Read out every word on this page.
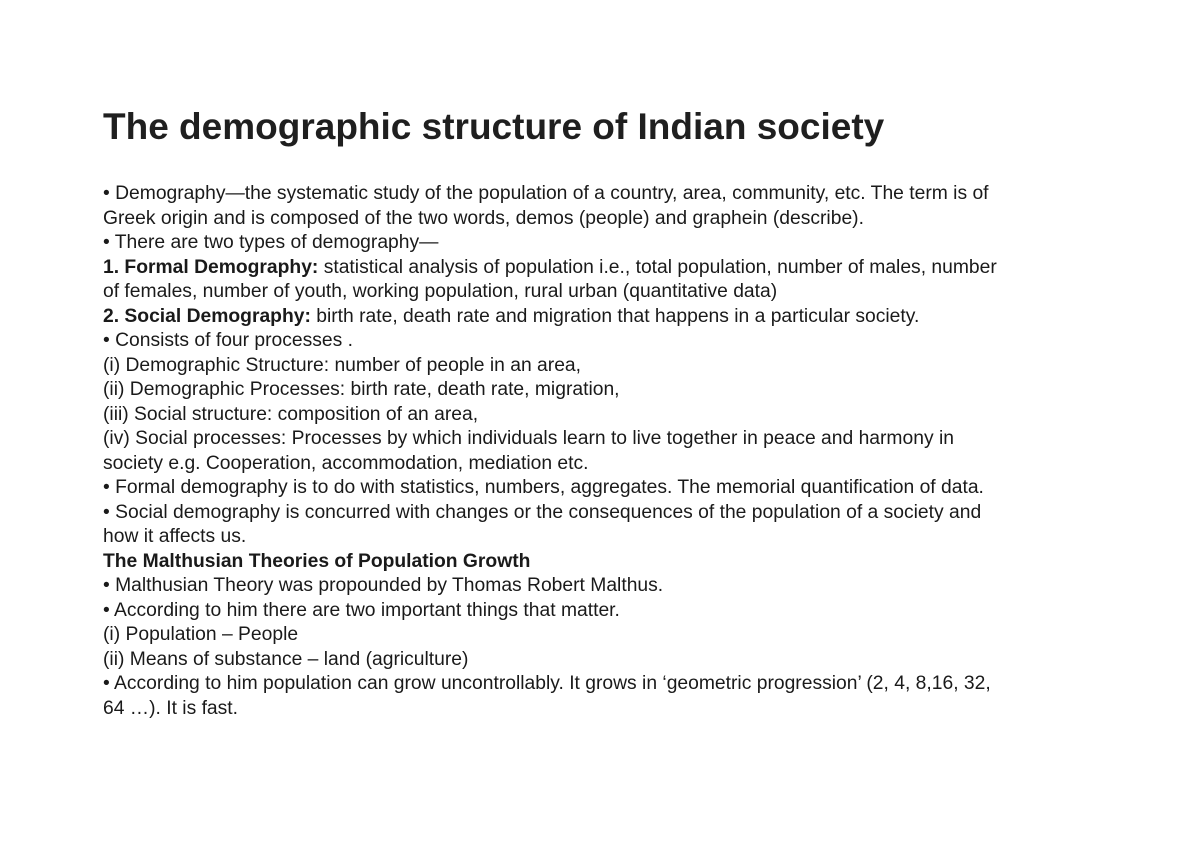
The demographic structure of Indian society
• Demography—the systematic study of the population of a country, area, community, etc. The term is of
Greek origin and is composed of the two words, demos (people) and graphein (describe).
• There are two types of demography—
1. Formal Demography: statistical analysis of population i.e., total population, number of males, number
of females, number of youth, working population, rural urban (quantitative data)
2. Social Demography: birth rate, death rate and migration that happens in a particular society.
• Consists of four processes .
(i) Demographic Structure: number of people in an area,
(ii) Demographic Processes: birth rate, death rate, migration,
(iii) Social structure: composition of an area,
(iv) Social processes: Processes by which individuals learn to live together in peace and harmony in
society e.g. Cooperation, accommodation, mediation etc.
• Formal demography is to do with statistics, numbers, aggregates. The memorial quantification of data.
• Social demography is concurred with changes or the consequences of the population of a society and
how it affects us.
The Malthusian Theories of Population Growth
• Malthusian Theory was propounded by Thomas Robert Malthus.
• According to him there are two important things that matter.
(i) Population – People
(ii) Means of substance – land (agriculture)
• According to him population can grow uncontrollably. It grows in ‘geometric progression’ (2, 4, 8,16, 32,
64 …). It is fast.
